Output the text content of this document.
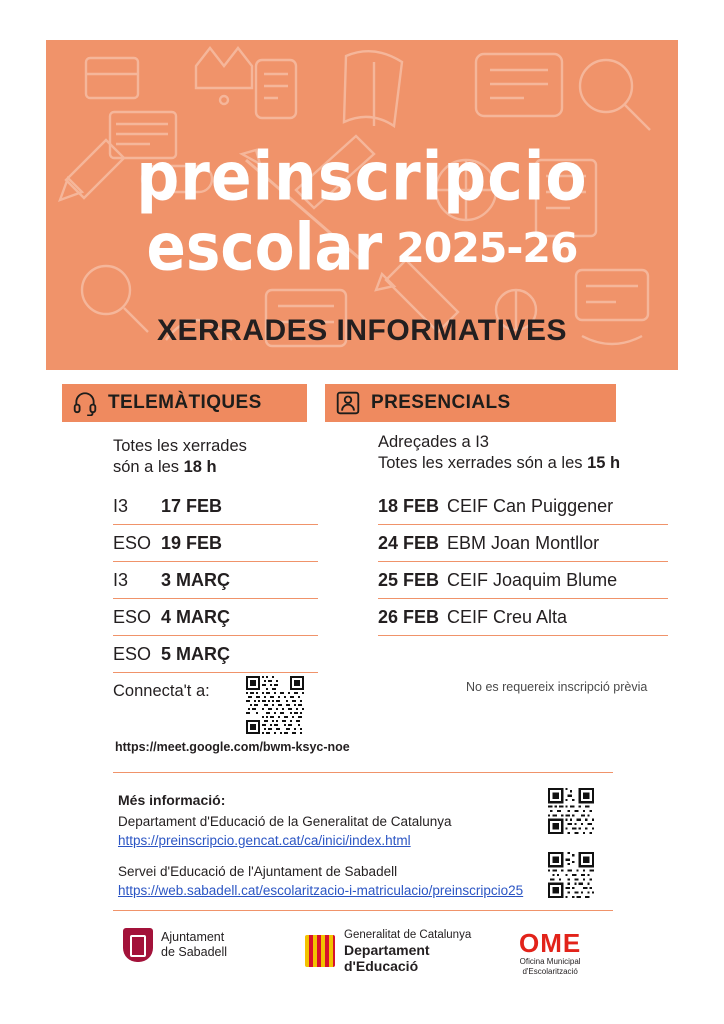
preinscripcio
escolar 2025-26
XERRADES INFORMATIVES
TELEMÀTIQUES	PRESENCIALS
Totes les xerrades
són a les 18 h
Adreçades a I3
Totes les xerrades són a les 15 h
I3	17 FEB
ESO 19 FEB
I3	3 MARÇ
ESO 4 MARÇ
ESO 5 MARÇ
18 FEB CEIF Can Puiggener
24 FEB EBM Joan Montllor
25 FEB CEIF Joaquim Blume
26 FEB CEIF Creu Alta
Connecta't a:	No es requereix inscripció prèvia
https://meet.google.com/bwm-ksyc-noe
Més informació:
Departament d'Educació de la Generalitat de Catalunya
https://preinscripcio.gencat.cat/ca/inici/index.html
Servei d'Educació de l'Ajuntament de Sabadell
https://web.sabadell.cat/escolaritzacio-i-matriculacio/preinscripcio25
Ajuntament
de Sabadell
Generalitat de Catalunya
Departament
d'Educació
OME
Oficina Municipal
d'Escolarització
